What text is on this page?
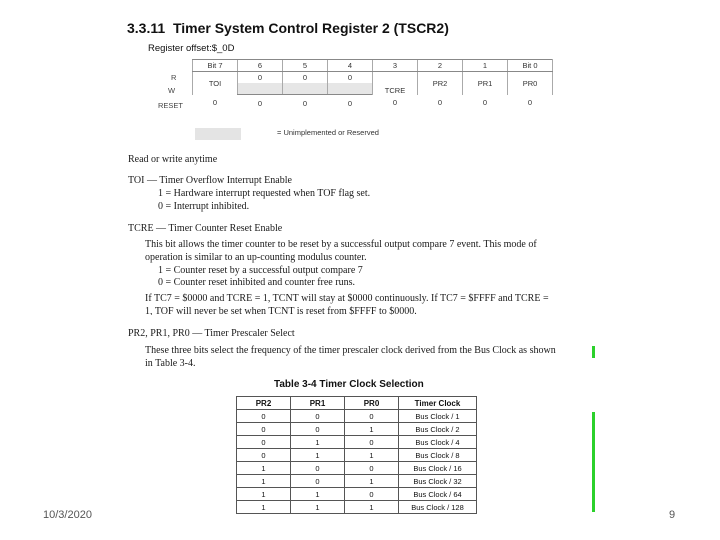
3.3.11 Timer System Control Register 2 (TSCR2)
Register offset:$_0D
R
W
RESET
Bit 7	6	5	4	3	2	1	Bit 0
TOI	0	0	0	TCRE	PR2	PR1	PR0

0	0	0	0	0	0	0	0
= Unimplemented or Reserved
Read or write anytime
TOI — Timer Overflow Interrupt Enable
1 = Hardware interrupt requested when TOF flag set.
0 = Interrupt inhibited.
TCRE — Timer Counter Reset Enable
This bit allows the timer counter to be reset by a successful output compare 7 event. This mode of
operation is similar to an up-counting modulus counter.
1 = Counter reset by a successful output compare 7
0 = Counter reset inhibited and counter free runs.
If TC7 = $0000 and TCRE = 1, TCNT will stay at $0000 continuously. If TC7 = $FFFF and TCRE =
1, TOF will never be set when TCNT is reset from $FFFF to $0000.
PR2, PR1, PR0 — Timer Prescaler Select
These three bits select the frequency of the timer prescaler clock derived from the Bus Clock as shown
in Table 3-4.
Table 3-4 Timer Clock Selection
PR2	PR1	PR0	Timer Clock
0	0	0	Bus Clock / 1
0	0	1	Bus Clock / 2
0	1	0	Bus Clock / 4
0	1	1	Bus Clock / 8
1	0	0	Bus Clock / 16
1	0	1	Bus Clock / 32
1	1	0	Bus Clock / 64
1	1	1	Bus Clock / 128
10/3/2020	9
